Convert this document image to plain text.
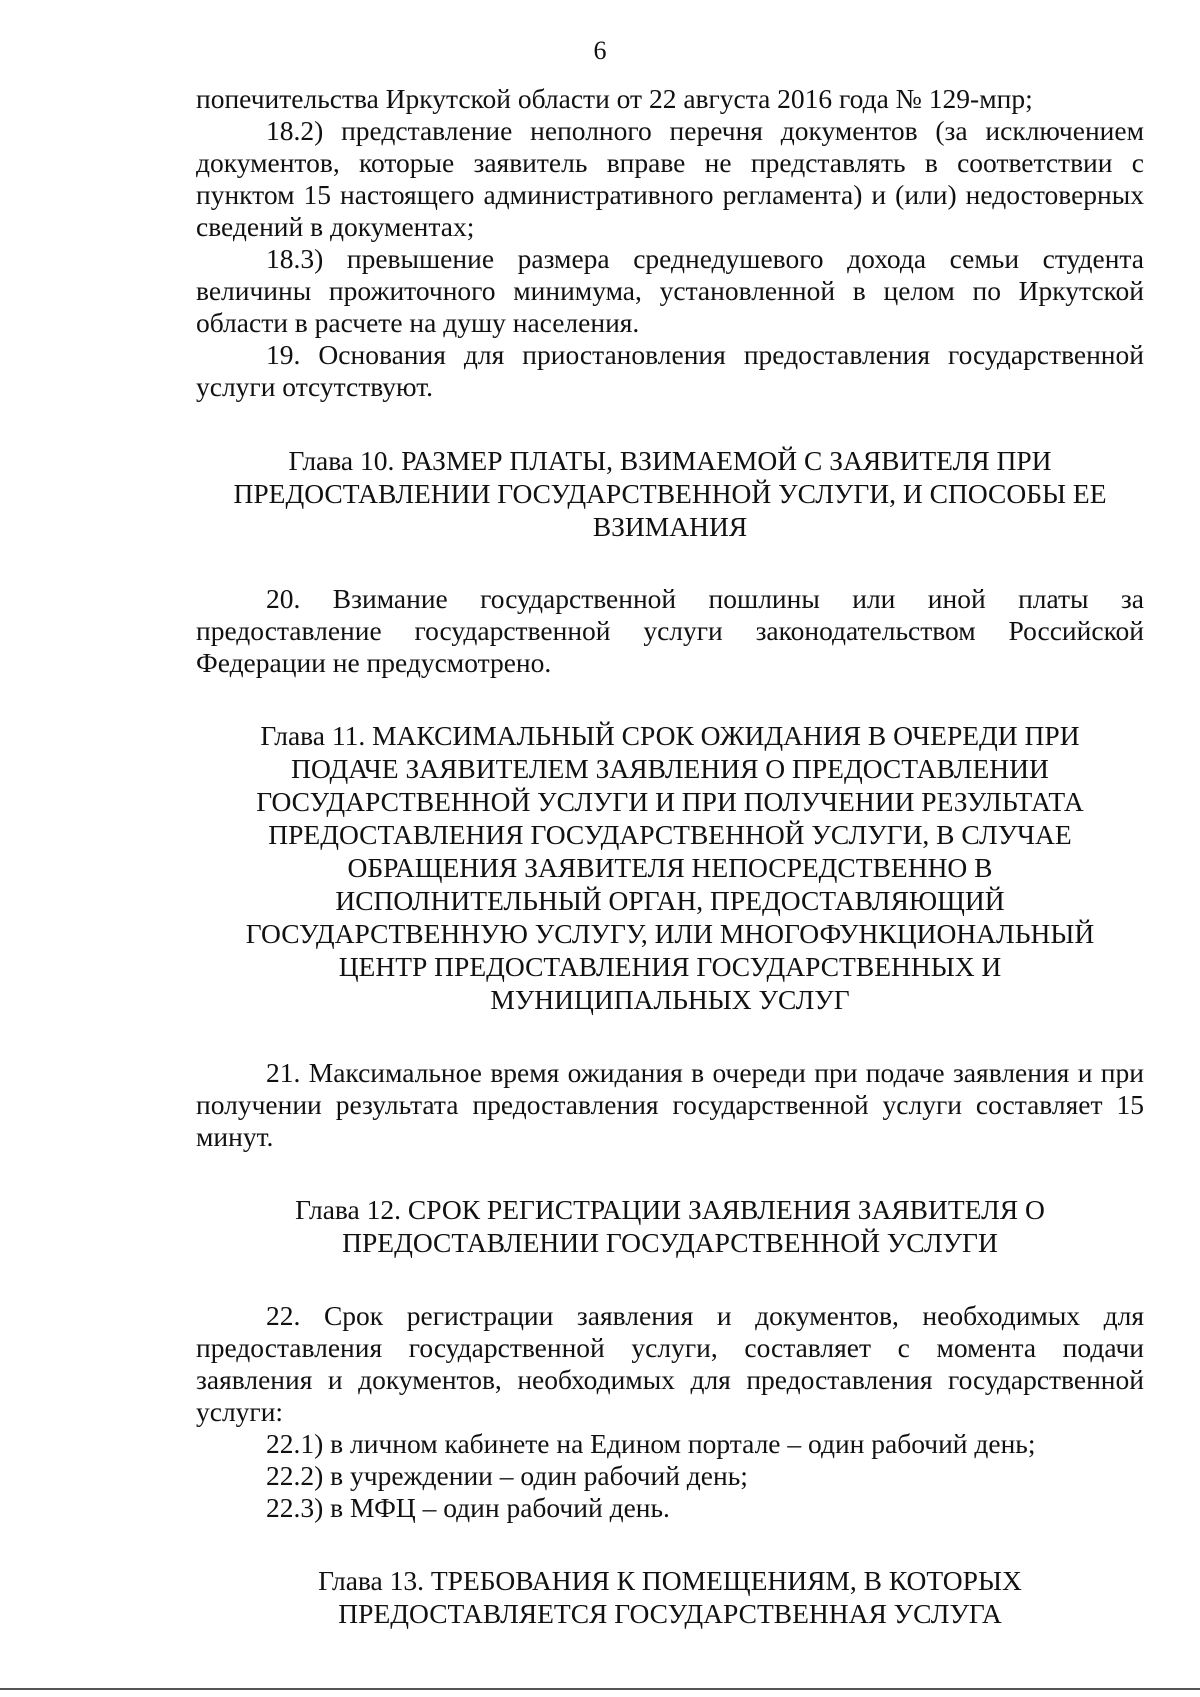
6

попечительства Иркутской области от 22 августа 2016 года № 129-мпр;

18.2) представление неполного перечня документов (за исключением документов, которые заявитель вправе не представлять в соответствии с пунктом 15 настоящего административного регламента) и (или) недостоверных сведений в документах;

18.3) превышение размера среднедушевого дохода семьи студента величины прожиточного минимума, установленной в целом по Иркутской области в расчете на душу населения.

19. Основания для приостановления предоставления государственной услуги отсутствуют.

Глава 10. РАЗМЕР ПЛАТЫ, ВЗИМАЕМОЙ С ЗАЯВИТЕЛЯ ПРИ
ПРЕДОСТАВЛЕНИИ ГОСУДАРСТВЕННОЙ УСЛУГИ, И СПОСОБЫ ЕЕ
ВЗИМАНИЯ

20. Взимание государственной пошлины или иной платы за предоставление государственной услуги законодательством Российской Федерации не предусмотрено.

Глава 11. МАКСИМАЛЬНЫЙ СРОК ОЖИДАНИЯ В ОЧЕРЕДИ ПРИ
ПОДАЧЕ ЗАЯВИТЕЛЕМ ЗАЯВЛЕНИЯ О ПРЕДОСТАВЛЕНИИ
ГОСУДАРСТВЕННОЙ УСЛУГИ И ПРИ ПОЛУЧЕНИИ РЕЗУЛЬТАТА
ПРЕДОСТАВЛЕНИЯ ГОСУДАРСТВЕННОЙ УСЛУГИ, В СЛУЧАЕ
ОБРАЩЕНИЯ ЗАЯВИТЕЛЯ НЕПОСРЕДСТВЕННО В
ИСПОЛНИТЕЛЬНЫЙ ОРГАН, ПРЕДОСТАВЛЯЮЩИЙ
ГОСУДАРСТВЕННУЮ УСЛУГУ, ИЛИ МНОГОФУНКЦИОНАЛЬНЫЙ
ЦЕНТР ПРЕДОСТАВЛЕНИЯ ГОСУДАРСТВЕННЫХ И
МУНИЦИПАЛЬНЫХ УСЛУГ

21. Максимальное время ожидания в очереди при подаче заявления и при получении результата предоставления государственной услуги составляет 15 минут.

Глава 12. СРОК РЕГИСТРАЦИИ ЗАЯВЛЕНИЯ ЗАЯВИТЕЛЯ О
ПРЕДОСТАВЛЕНИИ ГОСУДАРСТВЕННОЙ УСЛУГИ

22. Срок регистрации заявления и документов, необходимых для предоставления государственной услуги, составляет с момента подачи заявления и документов, необходимых для предоставления государственной услуги:

22.1) в личном кабинете на Едином портале – один рабочий день;

22.2) в учреждении – один рабочий день;

22.3) в МФЦ – один рабочий день.

Глава 13. ТРЕБОВАНИЯ К ПОМЕЩЕНИЯМ, В КОТОРЫХ
ПРЕДОСТАВЛЯЕТСЯ ГОСУДАРСТВЕННАЯ УСЛУГА
